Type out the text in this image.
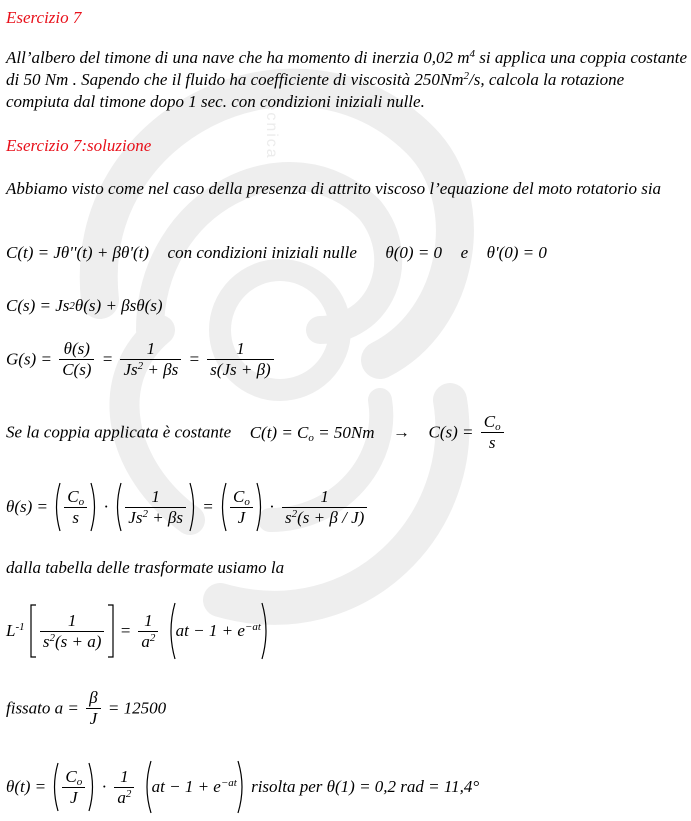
tecnica
Esercizio 7
All’albero del timone di una nave che ha momento di inerzia 0,02 $m^4$ si applica una coppia costante di 50 Nm . Sapendo che il fluido ha coefficiente di viscosità 250Nm$^2$/s, calcola la rotazione compiuta dal timone dopo 1 sec. con condizioni iniziali nulle.
Esercizio 7:soluzione
Abbiamo visto come nel caso della presenza di attrito viscoso l’equazione del moto rotatorio sia
C(t) = Jθ''(t) + βθ'(t) con condizioni iniziali nulle θ(0) = 0 e θ'(0) = 0
C(s) = Js2θ(s) + βsθ(s)
$G(s) = \frac{\theta(s)}{C(s)} = \frac{1}{Js^2 + \beta s} = \frac{1}{s(Js + \beta)}$
Se la coppia applicata è costante $C(t) = C_o = 50Nm \to C(s) = \frac{C_o}{s}$
$\theta(s) = \frac{C_o}{s} \cdot \frac{1}{Js^2 + \beta s} = \frac{C_o}{J} \cdot \frac{1}{s^2(s + \beta / J)}$
dalla tabella delle trasformate usiamo la
$L^{-1} \frac{1}{s^2(s + a)} = \frac{1}{a^2}$ at − $1 + e^{-at}$
fissato $a = \frac{\beta}{J} = 12500$
$\theta(t) = \frac{C_o}{J} \cdot \frac{1}{a^2}$ at − $1 + e^{-at}$ risolta per θ(1) = 0,2 rad = 11,4°
